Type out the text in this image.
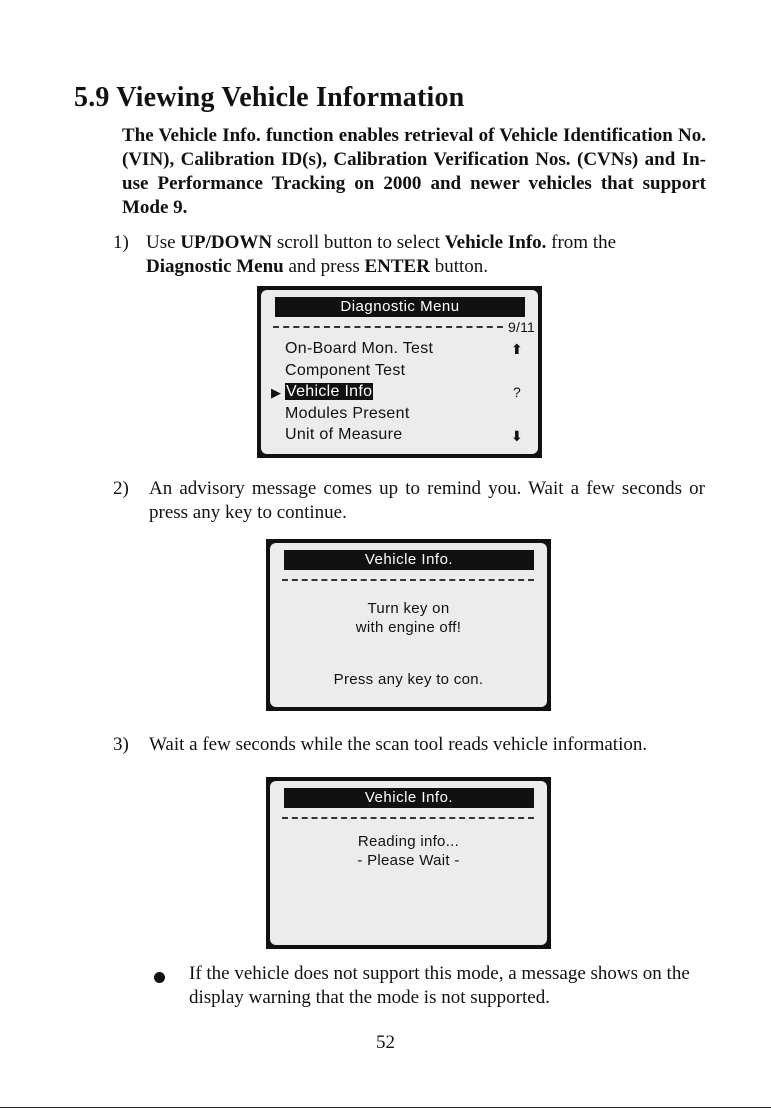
5.9 Viewing Vehicle Information

The Vehicle Info. function enables retrieval of Vehicle Identification No. (VIN), Calibration ID(s), Calibration Verification Nos. (CVNs) and In-use Performance Tracking on 2000 and newer vehicles that support Mode 9.

1) Use UP/DOWN scroll button to select Vehicle Info. from the
Diagnostic Menu and press ENTER button.
Diagnostic Menu
9/11
On-Board Mon. Test
Component Test
▶ Vehicle Info
Modules Present
Unit of Measure
⬆
?
⬇
2) An advisory message comes up to remind you. Wait a few seconds or press any key to continue.
Vehicle Info.
Turn key on
with engine off!
Press any key to con.
3) Wait a few seconds while the scan tool reads vehicle information.
Vehicle Info.
Reading info...
- Please Wait -

If the vehicle does not support this mode, a message shows on the display warning that the mode is not supported.

52
